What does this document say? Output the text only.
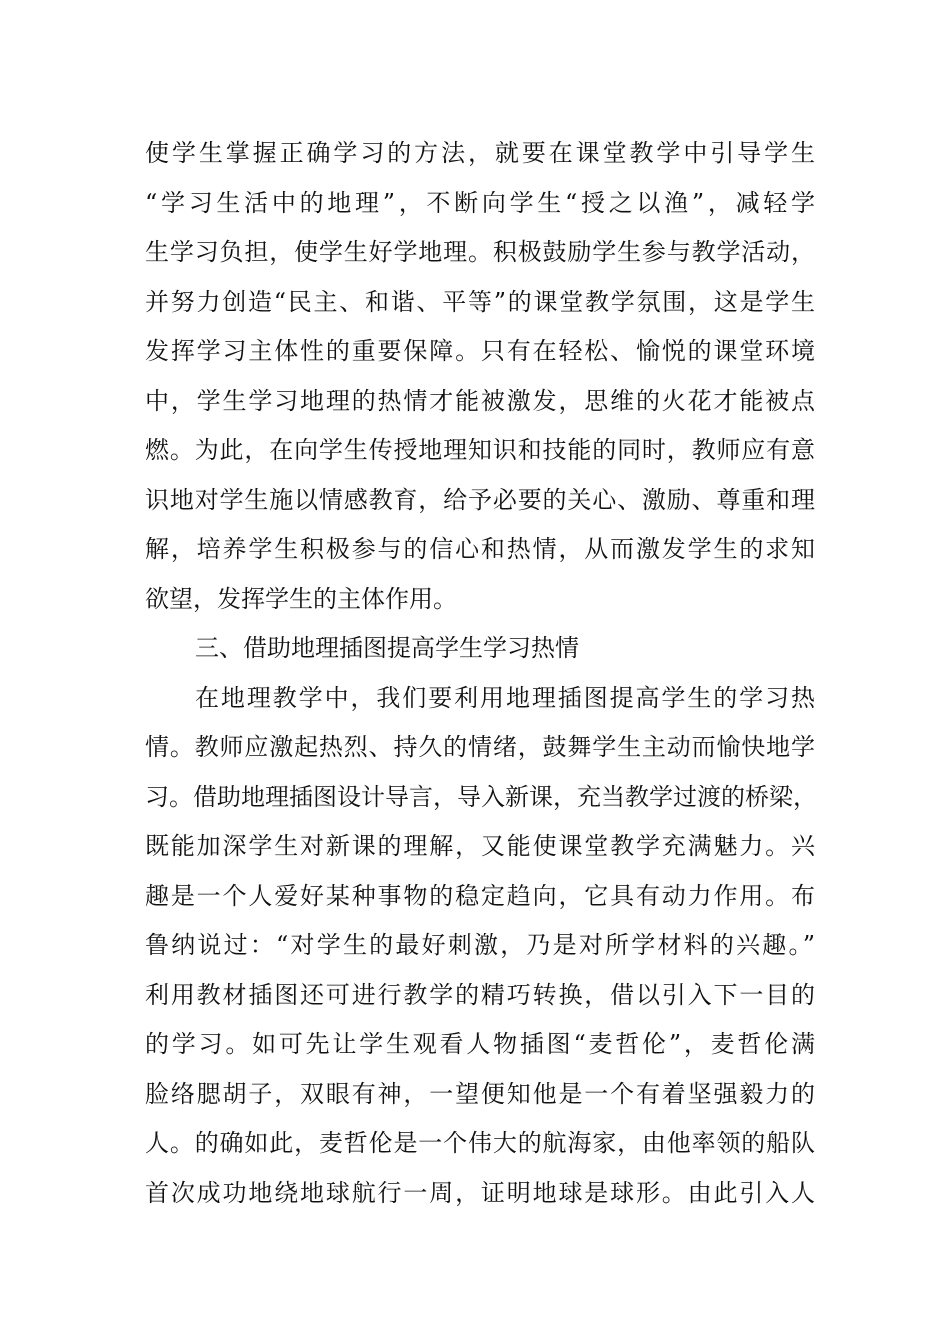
使学生掌握正确学习的方法，就要在课堂教学中引导学生
“学习生活中的地理”，不断向学生“授之以渔”，减轻学
生学习负担，使学生好学地理。积极鼓励学生参与教学活动，
并努力创造“民主、和谐、平等”的课堂教学氛围，这是学生
发挥学习主体性的重要保障。只有在轻松、愉悦的课堂环境
中，学生学习地理的热情才能被激发，思维的火花才能被点
燃。为此，在向学生传授地理知识和技能的同时，教师应有意
识地对学生施以情感教育，给予必要的关心、激励、尊重和理
解，培养学生积极参与的信心和热情，从而激发学生的求知
欲望，发挥学生的主体作用。
三、借助地理插图提高学生学习热情
在地理教学中，我们要利用地理插图提高学生的学习热
情。教师应激起热烈、持久的情绪，鼓舞学生主动而愉快地学
习。借助地理插图设计导言，导入新课，充当教学过渡的桥梁，
既能加深学生对新课的理解，又能使课堂教学充满魅力。兴
趣是一个人爱好某种事物的稳定趋向，它具有动力作用。布
鲁纳说过：“对学生的最好刺激，乃是对所学材料的兴趣。”
利用教材插图还可进行教学的精巧转换，借以引入下一目的
的学习。如可先让学生观看人物插图“麦哲伦”，麦哲伦满
脸络腮胡子，双眼有神，一望便知他是一个有着坚强毅力的
人。的确如此，麦哲伦是一个伟大的航海家，由他率领的船队
首次成功地绕地球航行一周，证明地球是球形。由此引入人
